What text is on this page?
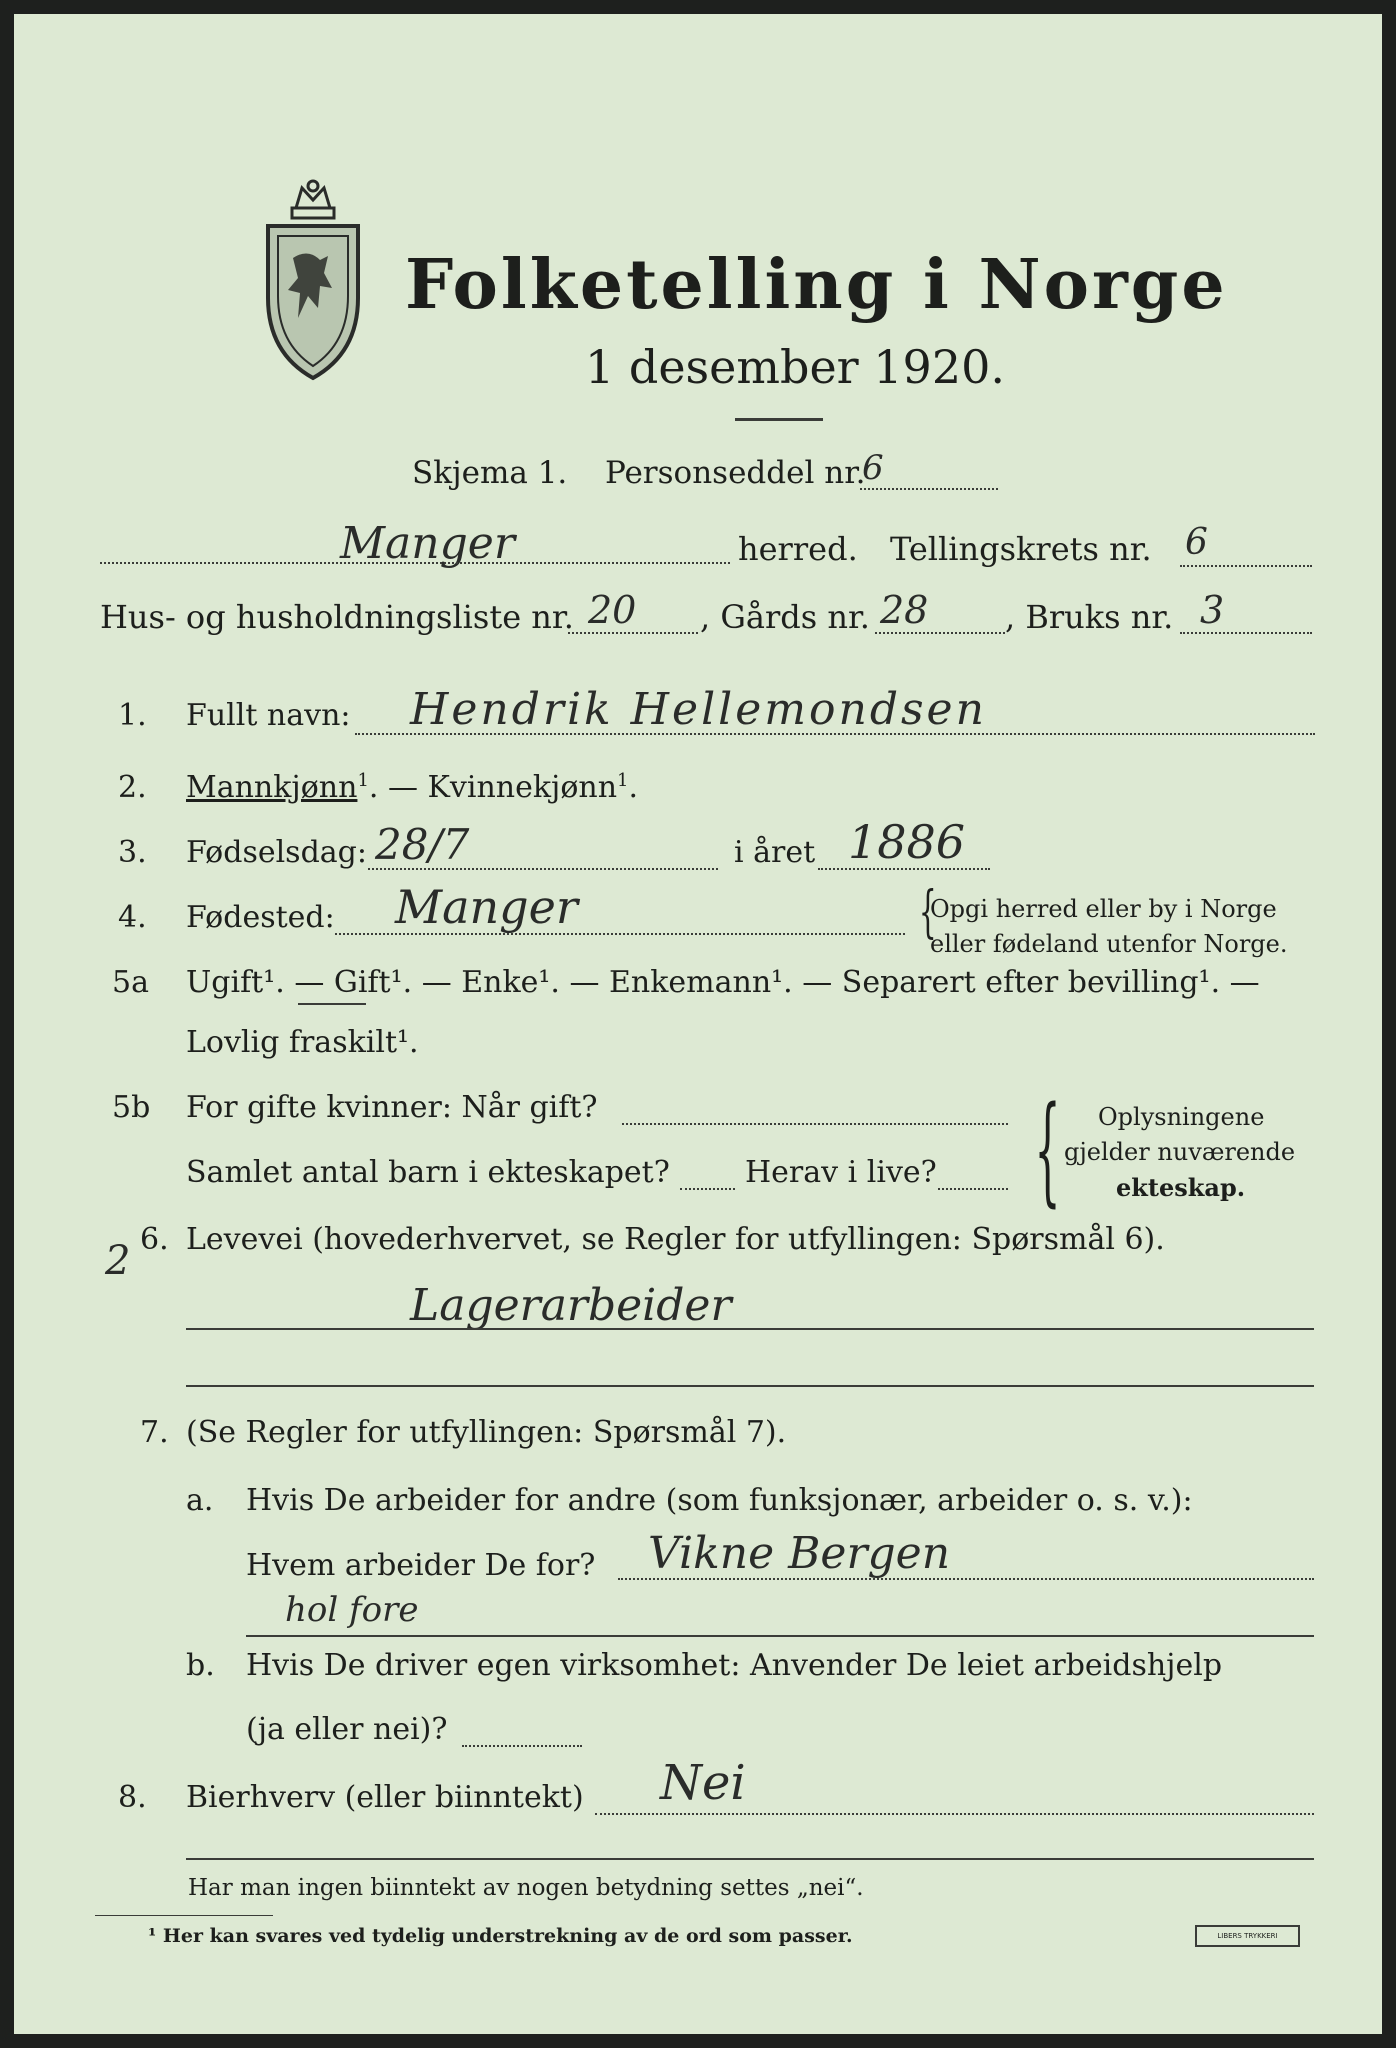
Folketelling i Norge
1 desember 1920.
Skjema 1. Personseddel nr.
6
Manger	herred. Tellingskrets nr. 6
Hus- og husholdningsliste nr. 20 , Gårds nr. 28 , Bruks nr. 3
1. Fullt navn: Hendrik Hellemondsen
2. Mannkjønn$^1$. — Kvinnekjønn$^1$.
3. Fødselsdag: 28/7	i året 1886
4. Fødested: Manger	{
Opgi herred eller by i Norge
eller fødeland utenfor Norge.
5a Ugift¹. — Gift¹. — Enke¹. — Enkemann¹. — Separert efter bevilling¹. —
Lovlig fraskilt¹.
5b For gifte kvinner: Når gift?
Samlet antal barn i ekteskapet?	Herav i live? { Oplysningene
gjelder nuværende
ekteskap.
2 6. Levevei (hovederhvervet, se Regler for utfyllingen: Spørsmål 6).
Lagerarbeider
7. (Se Regler for utfyllingen: Spørsmål 7).
a. Hvis De arbeider for andre (som funksjonær, arbeider o. s. v.):
Hvem arbeider De for? Vikne Bergen
hol fore
b. Hvis De driver egen virksomhet: Anvender De leiet arbeidshjelp
(ja eller nei)?
8. Bierhverv (eller biinntekt) Nei
Har man ingen biinntekt av nogen betydning settes „nei“.
¹ Her kan svares ved tydelig understrekning av de ord som passer.	LIBERS TRYKKERI
